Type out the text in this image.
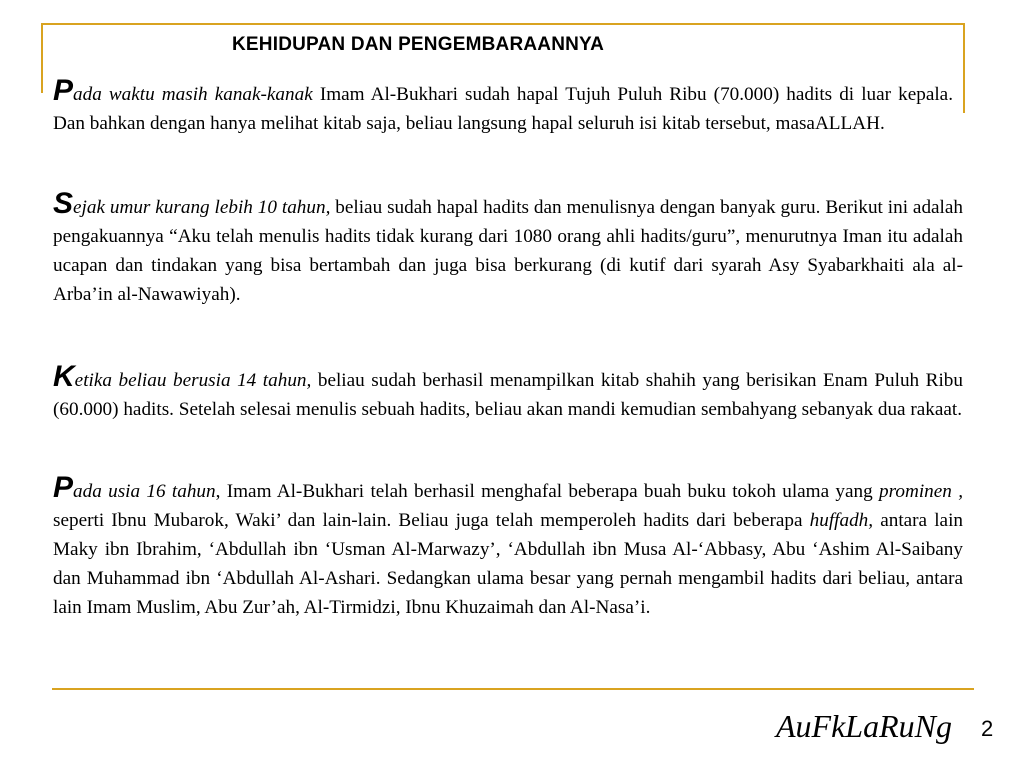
KEHIDUPAN DAN PENGEMBARAANNYA

Pada waktu masih kanak-kanak Imam Al-Bukhari sudah hapal Tujuh Puluh Ribu (70.000) hadits di luar kepala. Dan bahkan dengan hanya melihat kitab saja, beliau langsung hapal seluruh isi kitab tersebut, masaALLAH.

Sejak umur kurang lebih 10 tahun, beliau sudah hapal hadits dan menulisnya dengan banyak guru. Berikut ini adalah pengakuannya “Aku telah menulis hadits tidak kurang dari 1080 orang ahli hadits/guru”, menurutnya Iman itu adalah ucapan dan tindakan yang bisa bertambah dan juga bisa berkurang (di kutif dari syarah Asy Syabarkhaiti ala al-Arba’in al-Nawawiyah).

Ketika beliau berusia 14 tahun, beliau sudah berhasil menampilkan kitab shahih yang berisikan Enam Puluh Ribu (60.000) hadits. Setelah selesai menulis sebuah hadits, beliau akan mandi kemudian sembahyang sebanyak dua rakaat.

Pada usia 16 tahun, Imam Al-Bukhari telah berhasil menghafal beberapa buah buku tokoh ulama yang prominen , seperti Ibnu Mubarok, Waki’ dan lain-lain. Beliau juga telah memperoleh hadits dari beberapa huffadh, antara lain Maky ibn Ibrahim, ‘Abdullah ibn ‘Usman Al-Marwazy’, ‘Abdullah ibn Musa Al-‘Abbasy, Abu ‘Ashim Al-Saibany dan Muhammad ibn ‘Abdullah Al-Ashari. Sedangkan ulama besar yang pernah mengambil hadits dari beliau, antara lain Imam Muslim, Abu Zur’ah, Al-Tirmidzi, Ibnu Khuzaimah dan Al-Nasa’i.

AuFkLaRuNg 2
